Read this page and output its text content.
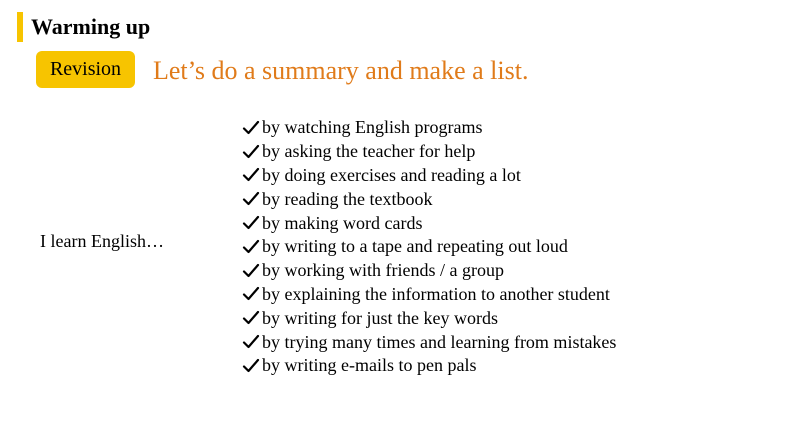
Warming up
Revision	Let’s do a summary and make a list.
I learn English…
by watching English programs
by asking the teacher for help
by doing exercises and reading a lot
by reading the textbook
by making word cards
by writing to a tape and repeating out loud
by working with friends / a group
by explaining the information to another student
by writing for just the key words
by trying many times and learning from mistakes
by writing e-mails to pen pals
